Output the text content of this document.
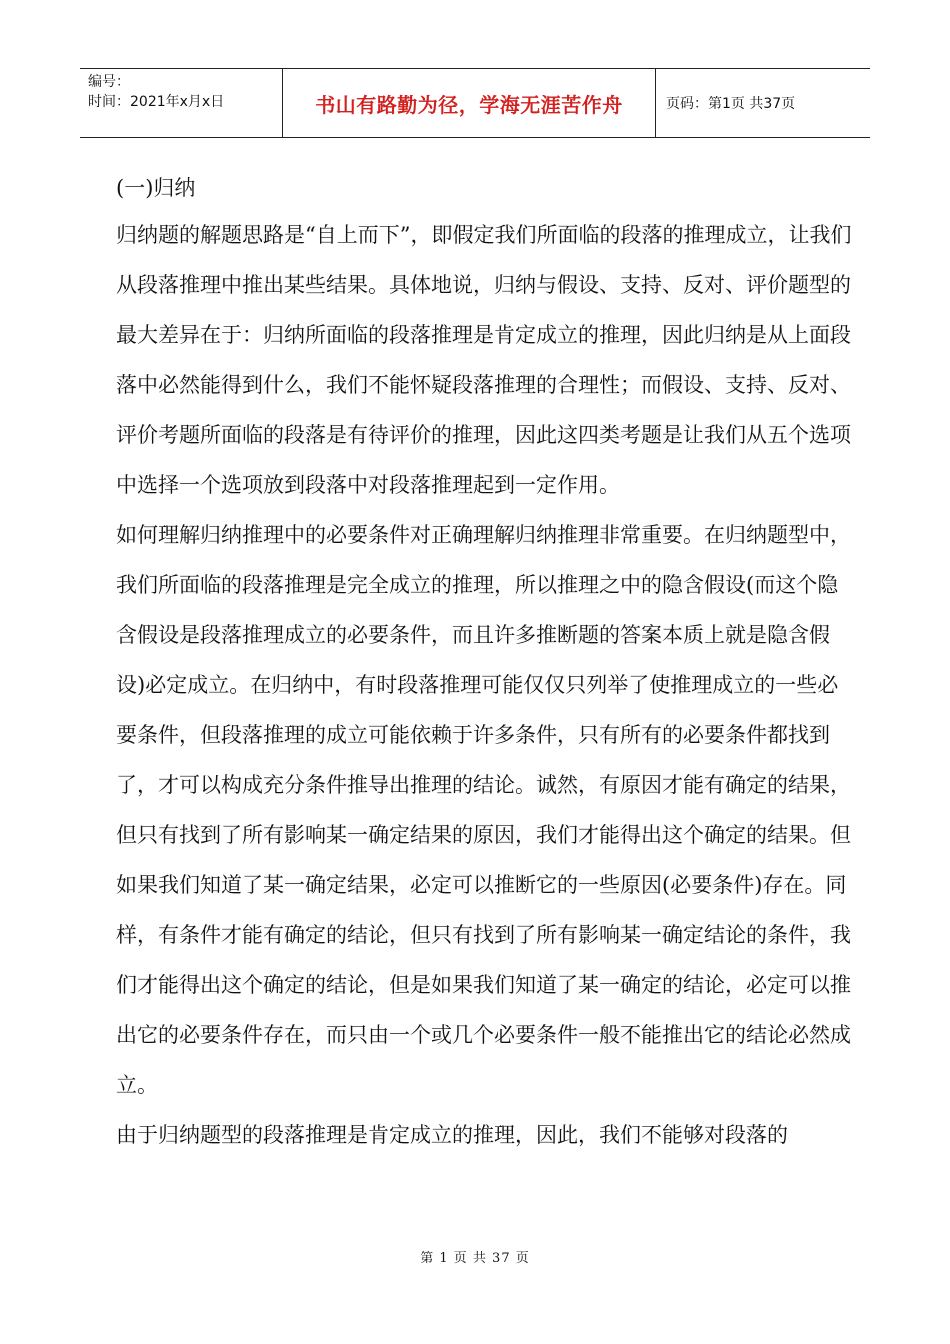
编号：
时间：2021年x月x日	书山有路勤为径，学海无涯苦作舟	页码：第1页 共37页

(一)归纳

归纳题的解题思路是“自上而下”，即假定我们所面临的段落的推理成立，让我们从段落推理中推出某些结果。具体地说，归纳与假设、支持、反对、评价题型的最大差异在于：归纳所面临的段落推理是肯定成立的推理，因此归纳是从上面段落中必然能得到什么，我们不能怀疑段落推理的合理性；而假设、支持、反对、评价考题所面临的段落是有待评价的推理，因此这四类考题是让我们从五个选项中选择一个选项放到段落中对段落推理起到一定作用。

如何理解归纳推理中的必要条件对正确理解归纳推理非常重要。在归纳题型中，我们所面临的段落推理是完全成立的推理，所以推理之中的隐含假设(而这个隐含假设是段落推理成立的必要条件，而且许多推断题的答案本质上就是隐含假设)必定成立。在归纳中，有时段落推理可能仅仅只列举了使推理成立的一些必要条件，但段落推理的成立可能依赖于许多条件，只有所有的必要条件都找到了，才可以构成充分条件推导出推理的结论。诚然，有原因才能有确定的结果，但只有找到了所有影响某一确定结果的原因，我们才能得出这个确定的结果。但如果我们知道了某一确定结果，必定可以推断它的一些原因(必要条件)存在。同样，有条件才能有确定的结论，但只有找到了所有影响某一确定结论的条件，我们才能得出这个确定的结论，但是如果我们知道了某一确定的结论，必定可以推出它的必要条件存在，而只由一个或几个必要条件一般不能推出它的结论必然成立。

由于归纳题型的段落推理是肯定成立的推理，因此，我们不能够对段落的

第 1 页 共 37 页
